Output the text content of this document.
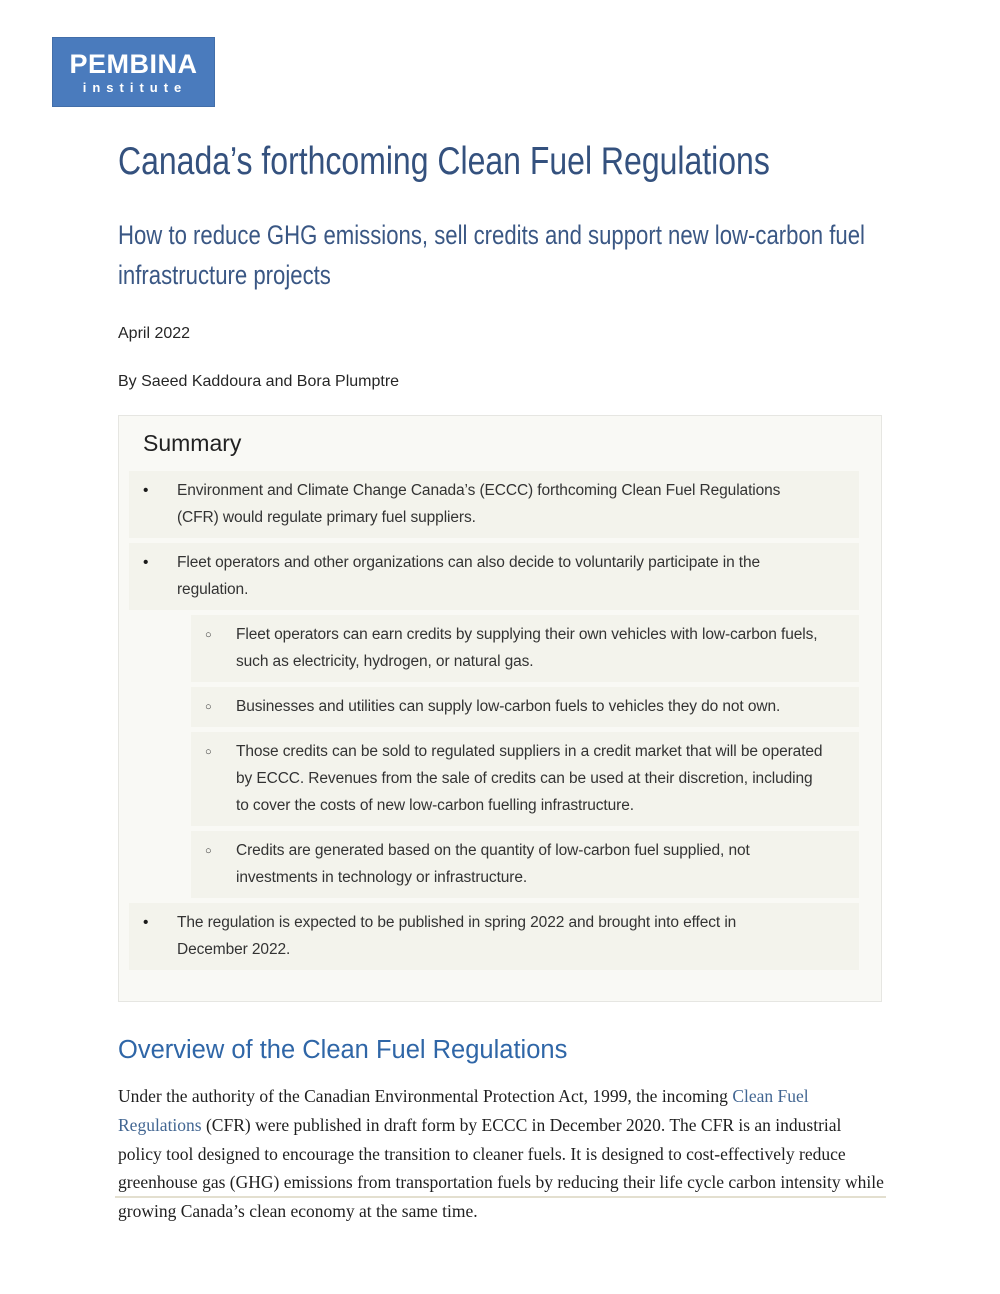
PEMBINA
institute
Canada’s forthcoming Clean Fuel Regulations
How to reduce GHG emissions, sell credits and support new low-carbon fuel
infrastructure projects

April 2022

By Saeed Kaddoura and Bora Plumptre

Summary
• Environment and Climate Change Canada’s (ECCC) forthcoming Clean Fuel Regulations (CFR) would regulate primary fuel suppliers.
• Fleet operators and other organizations can also decide to voluntarily participate in the regulation.
○ Fleet operators can earn credits by supplying their own vehicles with low-carbon fuels, such as electricity, hydrogen, or natural gas.
○ Businesses and utilities can supply low-carbon fuels to vehicles they do not own.
○ Those credits can be sold to regulated suppliers in a credit market that will be operated by ECCC. Revenues from the sale of credits can be used at their discretion, including to cover the costs of new low-carbon fuelling infrastructure.
○ Credits are generated based on the quantity of low-carbon fuel supplied, not investments in technology or infrastructure.
• The regulation is expected to be published in spring 2022 and brought into effect in December 2022.
Overview of the Clean Fuel Regulations

Under the authority of the Canadian Environmental Protection Act, 1999, the incoming Clean Fuel Regulations (CFR) were published in draft form by ECCC in December 2020. The CFR is an industrial policy tool designed to encourage the transition to cleaner fuels. It is designed to cost-effectively reduce greenhouse gas (GHG) emissions from transportation fuels by reducing their life cycle carbon intensity while growing Canada’s clean economy at the same time.
